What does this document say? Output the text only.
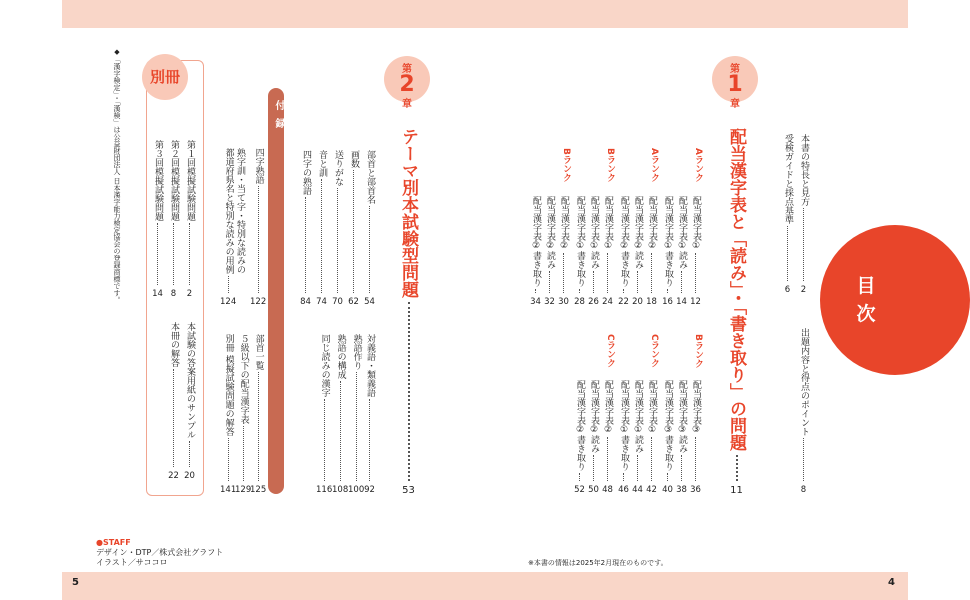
5	4
目
次
本書の特長と見方
2
受検ガイドと採点基準
6
出題内容と得点のポイント
8
第
1
章
配当漢字表と「読み」・「書き取り」の問題
11
Aランク
Aランク
Bランク
Bランク
Bランク
Cランク
Cランク
配当漢字表①
12
配当漢字表①読み
14
配当漢字表①書き取り
16
配当漢字表②
18
配当漢字表②読み
20
配当漢字表②書き取り
22
配当漢字表①
24
配当漢字表①読み
26
配当漢字表①書き取り
28
配当漢字表②
30
配当漢字表②読み
32
配当漢字表②書き取り
34
配当漢字表③
36
配当漢字表③読み
38
配当漢字表③書き取り
40
配当漢字表①
42
配当漢字表①読み
44
配当漢字表①書き取り
46
配当漢字表②
48
配当漢字表②読み
50
配当漢字表②書き取り
52
第
2
章
テーマ別本試験型問題
53
部首と部首名
54
画数
62
送りがな
70
音と訓
74
四字の熟語
84
対義語・類義語
92
熟語作り
100
熟語の構成
108
同じ読みの漢字
116
付録
四字熟語
122
熟字訓・当て字・特別な読みの
都道府県名と特別な読みの用例
124
部首一覧
125
５級以下の配当漢字表
129
別冊 模擬試験問題の解答
141
別冊
第１回模擬試験問題
2
第２回模擬試験問題
8
第３回模擬試験問題
14
本試験の答案用紙のサンプル
20
本冊の解答
22
◆「漢字検定」・「漢検」は公益財団法人 日本漢字能力検定協会の登録商標です。
●STAFF
デザイン・DTP／株式会社グラフト
イラスト／サココロ	※本書の情報は2025年2月現在のものです。
